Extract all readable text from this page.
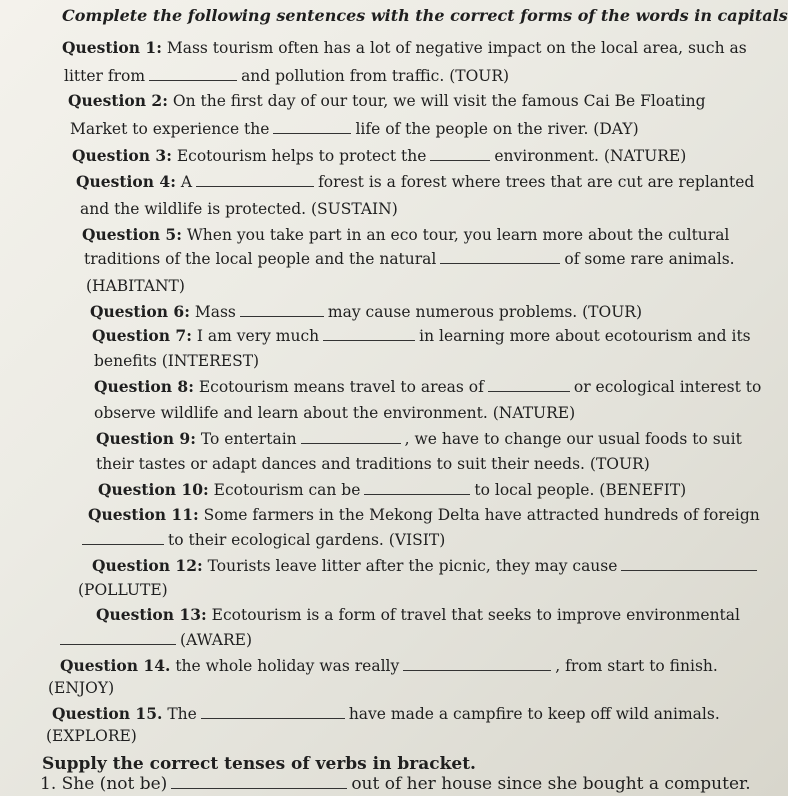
Complete the following sentences with the correct forms of the words in capitals
Question 1: Mass tourism often has a lot of negative impact on the local area, such as
litter from	and pollution from traffic. (TOUR)
Question 2: On the first day of our tour, we will visit the famous Cai Be Floating
Market to experience the	life of the people on the river. (DAY)
Question 3: Ecotourism helps to protect the	environment. (NATURE)
Question 4: A	forest is a forest where trees that are cut are replanted
and the wildlife is protected. (SUSTAIN)
Question 5: When you take part in an eco tour, you learn more about the cultural
traditions of the local people and the natural	of some rare animals.
(HABITANT)
Question 6: Mass	may cause numerous problems. (TOUR)
Question 7: I am very much	in learning more about ecotourism and its
benefits (INTEREST)
Question 8: Ecotourism means travel to areas of	or ecological interest to
observe wildlife and learn about the environment. (NATURE)
Question 9: To entertain	, we have to change our usual foods to suit
their tastes or adapt dances and traditions to suit their needs. (TOUR)
Question 10: Ecotourism can be	to local people. (BENEFIT)
Question 11: Some farmers in the Mekong Delta have attracted hundreds of foreign
to their ecological gardens. (VISIT)
Question 12: Tourists leave litter after the picnic, they may cause
(POLLUTE)
Question 13: Ecotourism is a form of travel that seeks to improve environmental
(AWARE)
Question 14. the whole holiday was really	, from start to finish.
(ENJOY)
Question 15. The	have made a campfire to keep off wild animals.
(EXPLORE)
Supply the correct tenses of verbs in bracket.
1. She (not be)	out of her house since she bought a computer.
